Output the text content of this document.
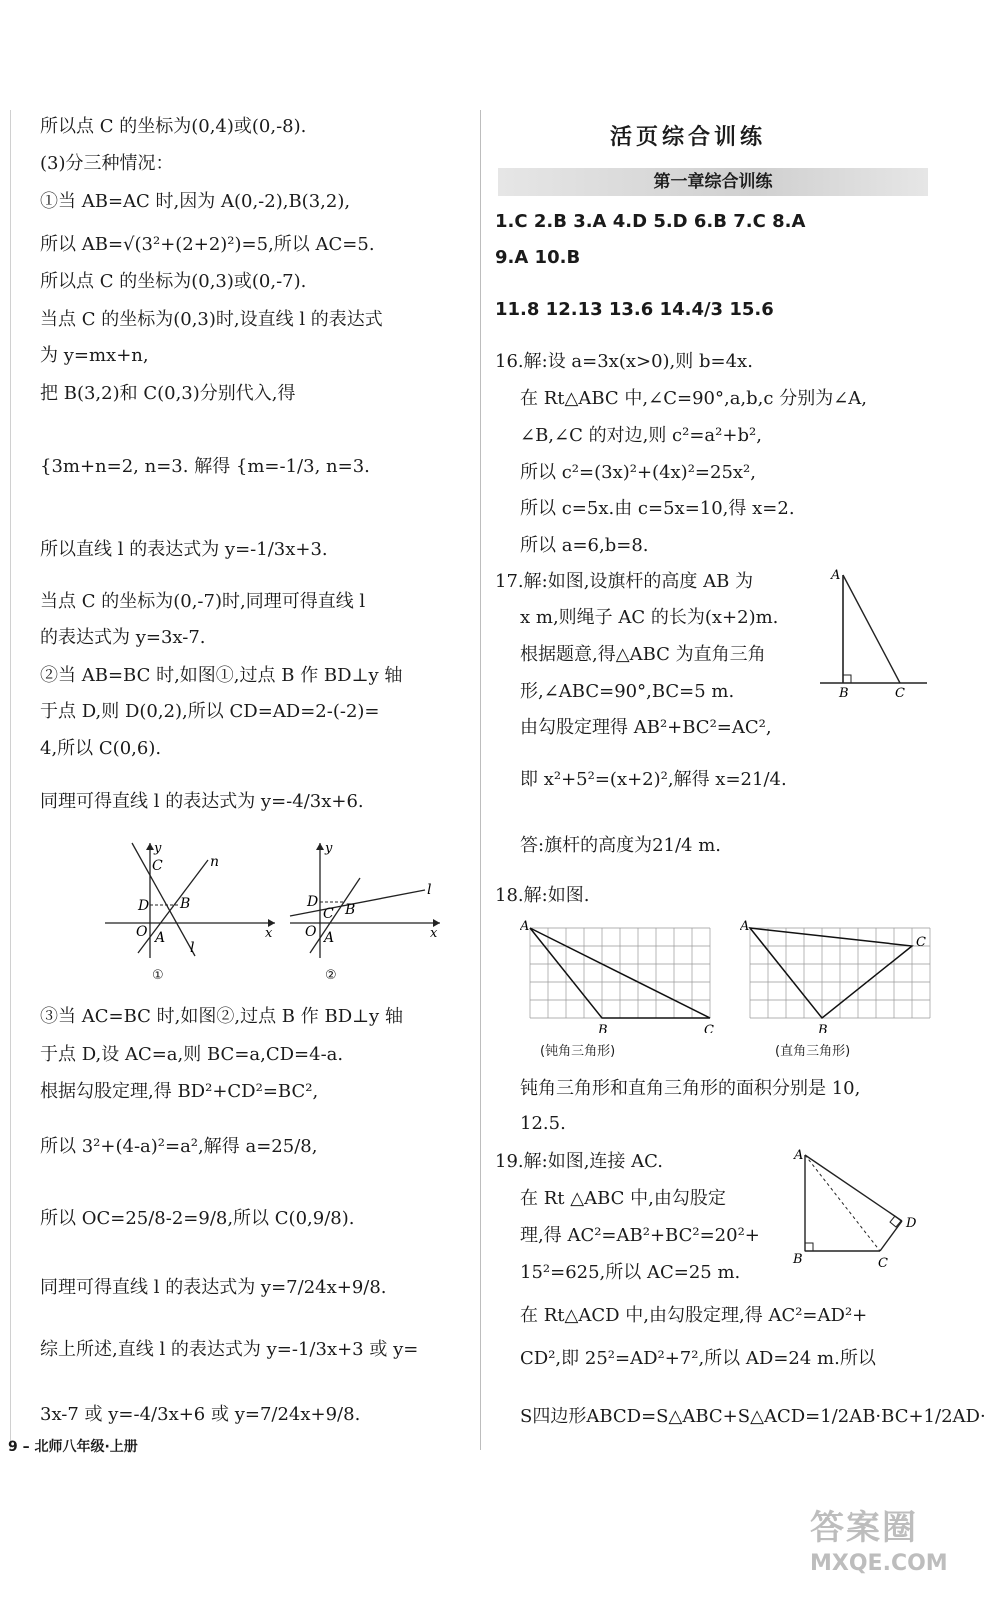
所以点 C 的坐标为(0,4)或(0,-8).
(3)分三种情况：
①当 AB=AC 时,因为 A(0,-2),B(3,2),
所以 AB=√(3²+(2+2)²)=5,所以 AC=5.
所以点 C 的坐标为(0,3)或(0,-7).
当点 C 的坐标为(0,3)时,设直线 l 的表达式
为 y=mx+n,
把 B(3,2)和 C(0,3)分别代入,得
{3m+n=2, n=3. 解得 {m=-1/3, n=3.
所以直线 l 的表达式为 y=-1/3x+3.
当点 C 的坐标为(0,-7)时,同理可得直线 l
的表达式为 y=3x-7.
②当 AB=BC 时,如图①,过点 B 作 BD⊥y 轴
于点 D,则 D(0,2),所以 CD=AD=2-(-2)=
4,所以 C(0,6).
同理可得直线 l 的表达式为 y=-4/3x+6.
y
C	n
D B
O A
l
x
y
l
D
C B
O A	x
①	②
③当 AC=BC 时,如图②,过点 B 作 BD⊥y 轴
于点 D,设 AC=a,则 BC=a,CD=4-a.
根据勾股定理,得 BD²+CD²=BC²,
所以 3²+(4-a)²=a²,解得 a=25/8,
所以 OC=25/8-2=9/8,所以 C(0,9/8).
同理可得直线 l 的表达式为 y=7/24x+9/8.
综上所述,直线 l 的表达式为 y=-1/3x+3 或 y=
3x-7 或 y=-4/3x+6 或 y=7/24x+9/8.
活页综合训练
第一章综合训练
1.C 2.B 3.A 4.D 5.D 6.B 7.C 8.A
9.A 10.B
11.8 12.13 13.6 14.4/3 15.6
16.解:设 a=3x(x>0),则 b=4x.
在 Rt△ABC 中,∠C=90°,a,b,c 分别为∠A,
∠B,∠C 的对边,则 c²=a²+b²,
所以 c²=(3x)²+(4x)²=25x²,
所以 c=5x.由 c=5x=10,得 x=2.
所以 a=6,b=8.
17.解:如图,设旗杆的高度 AB 为
x m,则绳子 AC 的长为(x+2)m.
根据题意,得△ABC 为直角三角
形,∠ABC=90°,BC=5 m.
由勾股定理得 AB²+BC²=AC²,
即 x²+5²=(x+2)²,解得 x=21/4.
答:旗杆的高度为21/4 m.
A
B	C
18.解:如图.
A
B	C
A
B
C
(钝角三角形)	(直角三角形)
钝角三角形和直角三角形的面积分别是 10,
12.5.
19.解:如图,连接 AC.
在 Rt △ABC 中,由勾股定
理,得 AC²=AB²+BC²=20²+
15²=625,所以 AC=25 m.
在 Rt△ACD 中,由勾股定理,得 AC²=AD²+
CD²,即 25²=AD²+7²,所以 AD=24 m.所以
S四边形ABCD=S△ABC+S△ACD=1/2AB·BC+1/2AD·
A
B	C
D
9 – 北师八年级·上册
答案圈
MXQE.COM
